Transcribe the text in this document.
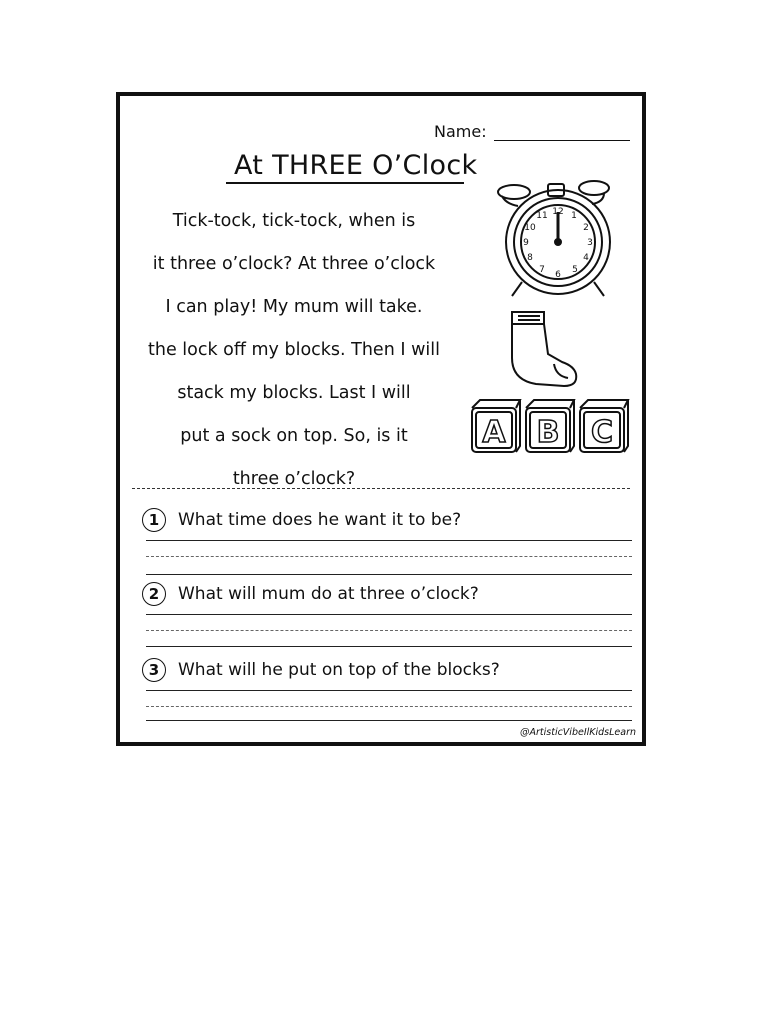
Name:
At THREE O’Clock
Tick-tock, tick-tock, when is
it three o’clock? At three o’clock
I can play! My mum will take.
the lock off my blocks. Then I will
stack my blocks. Last I will
put a sock on top. So, is it
three o’clock?
12 1
2
3
4
5
6
7
8
9
10
11
A B C
1	What time does he want it to be?
2	What will mum do at three o’clock?
3	What will he put on top of the blocks?
@ArtisticVibeIlKidsLearn
